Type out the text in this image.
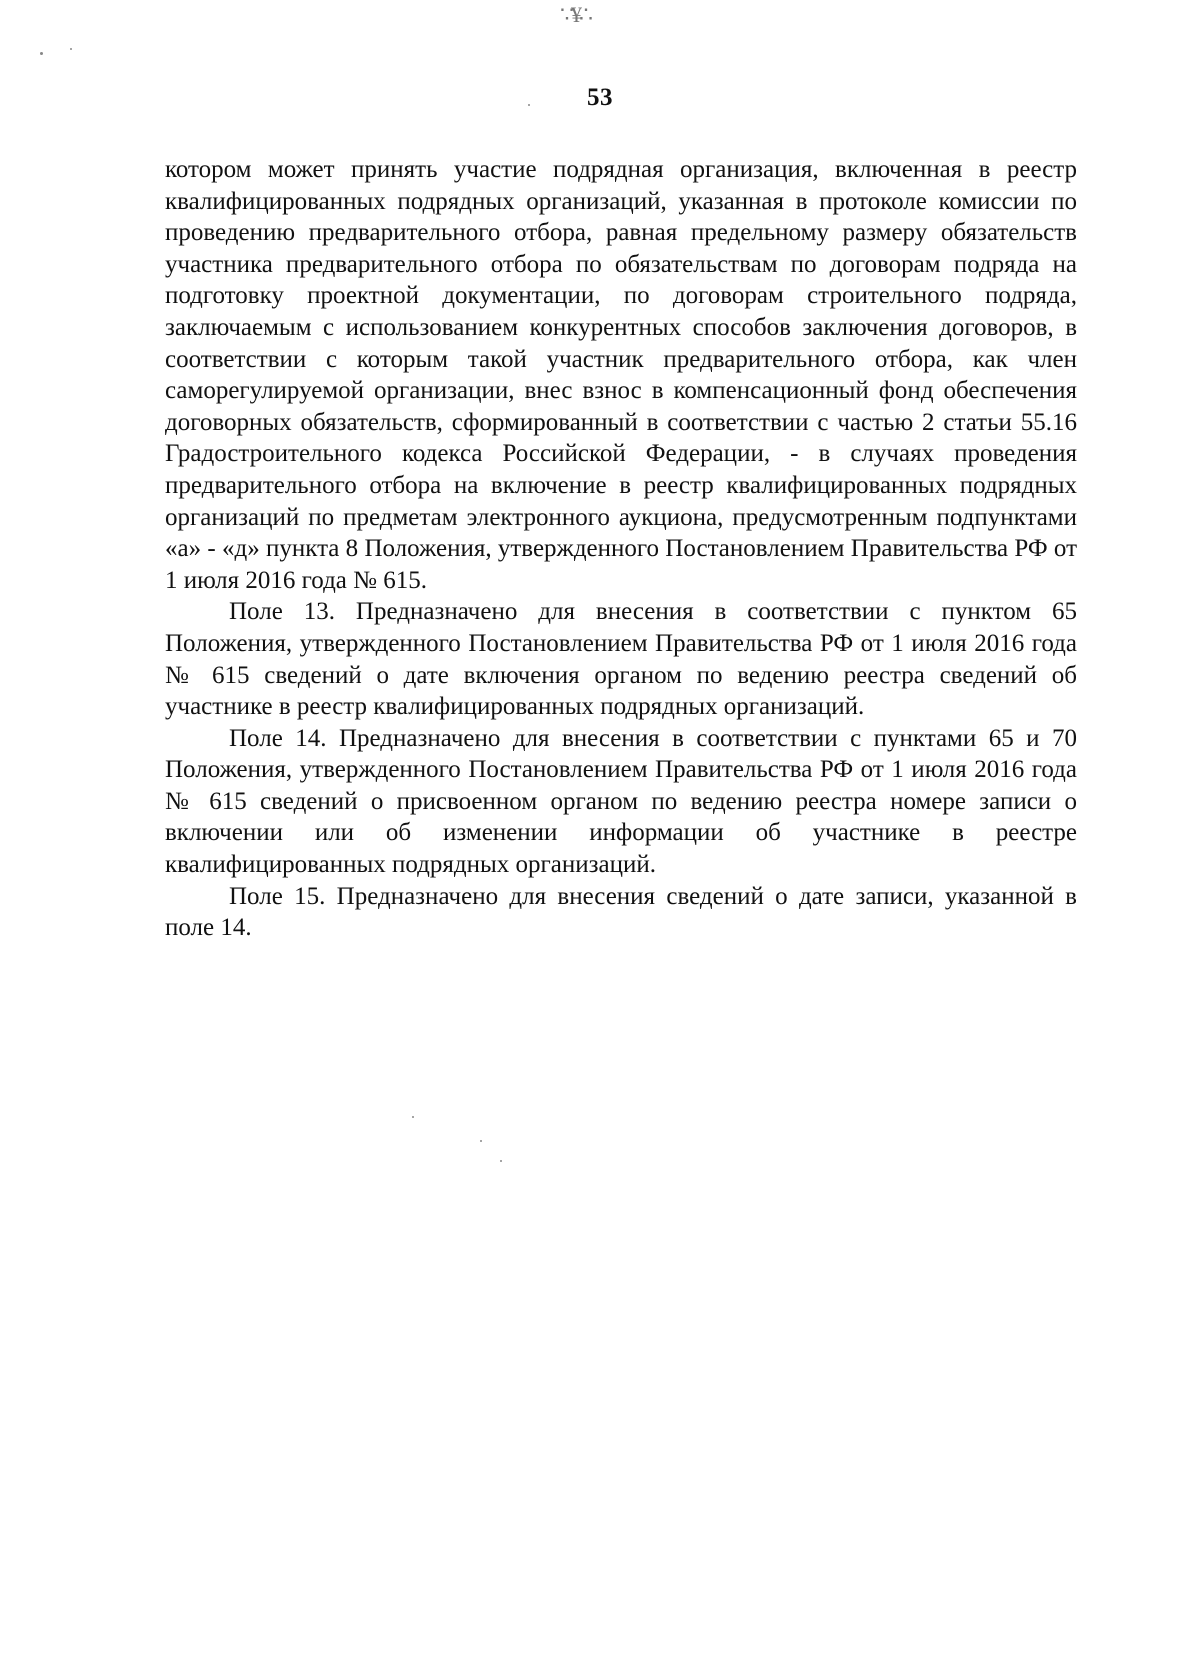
∵¥∴
53

котором может принять участие подрядная организация, включенная в реестр квалифицированных подрядных организаций, указанная в протоколе комиссии по проведению предварительного отбора, равная предельному размеру обязательств участника предварительного отбора по обязательствам по договорам подряда на подготовку проектной документации, по договорам строительного подряда, заключаемым с использованием конкурентных способов заключения договоров, в соответствии с которым такой участник предварительного отбора, как член саморегулируемой организации, внес взнос в компенсационный фонд обеспечения договорных обязательств, сформированный в соответствии с частью 2 статьи 55.16 Градостроительного кодекса Российской Федерации, - в случаях проведения предварительного отбора на включение в реестр квалифицированных подрядных организаций по предметам электронного аукциона, предусмотренным подпунктами «а» - «д» пункта 8 Положения, утвержденного Постановлением Правительства РФ от 1 июля 2016 года № 615.

Поле 13. Предназначено для внесения в соответствии с пунктом 65 Положения, утвержденного Постановлением Правительства РФ от 1 июля 2016 года № 615 сведений о дате включения органом по ведению реестра сведений об участнике в реестр квалифицированных подрядных организаций.

Поле 14. Предназначено для внесения в соответствии с пунктами 65 и 70 Положения, утвержденного Постановлением Правительства РФ от 1 июля 2016 года № 615 сведений о присвоенном органом по ведению реестра номере записи о включении или об изменении информации об участнике в реестре квалифицированных подрядных организаций.

Поле 15. Предназначено для внесения сведений о дате записи, указанной в поле 14.
